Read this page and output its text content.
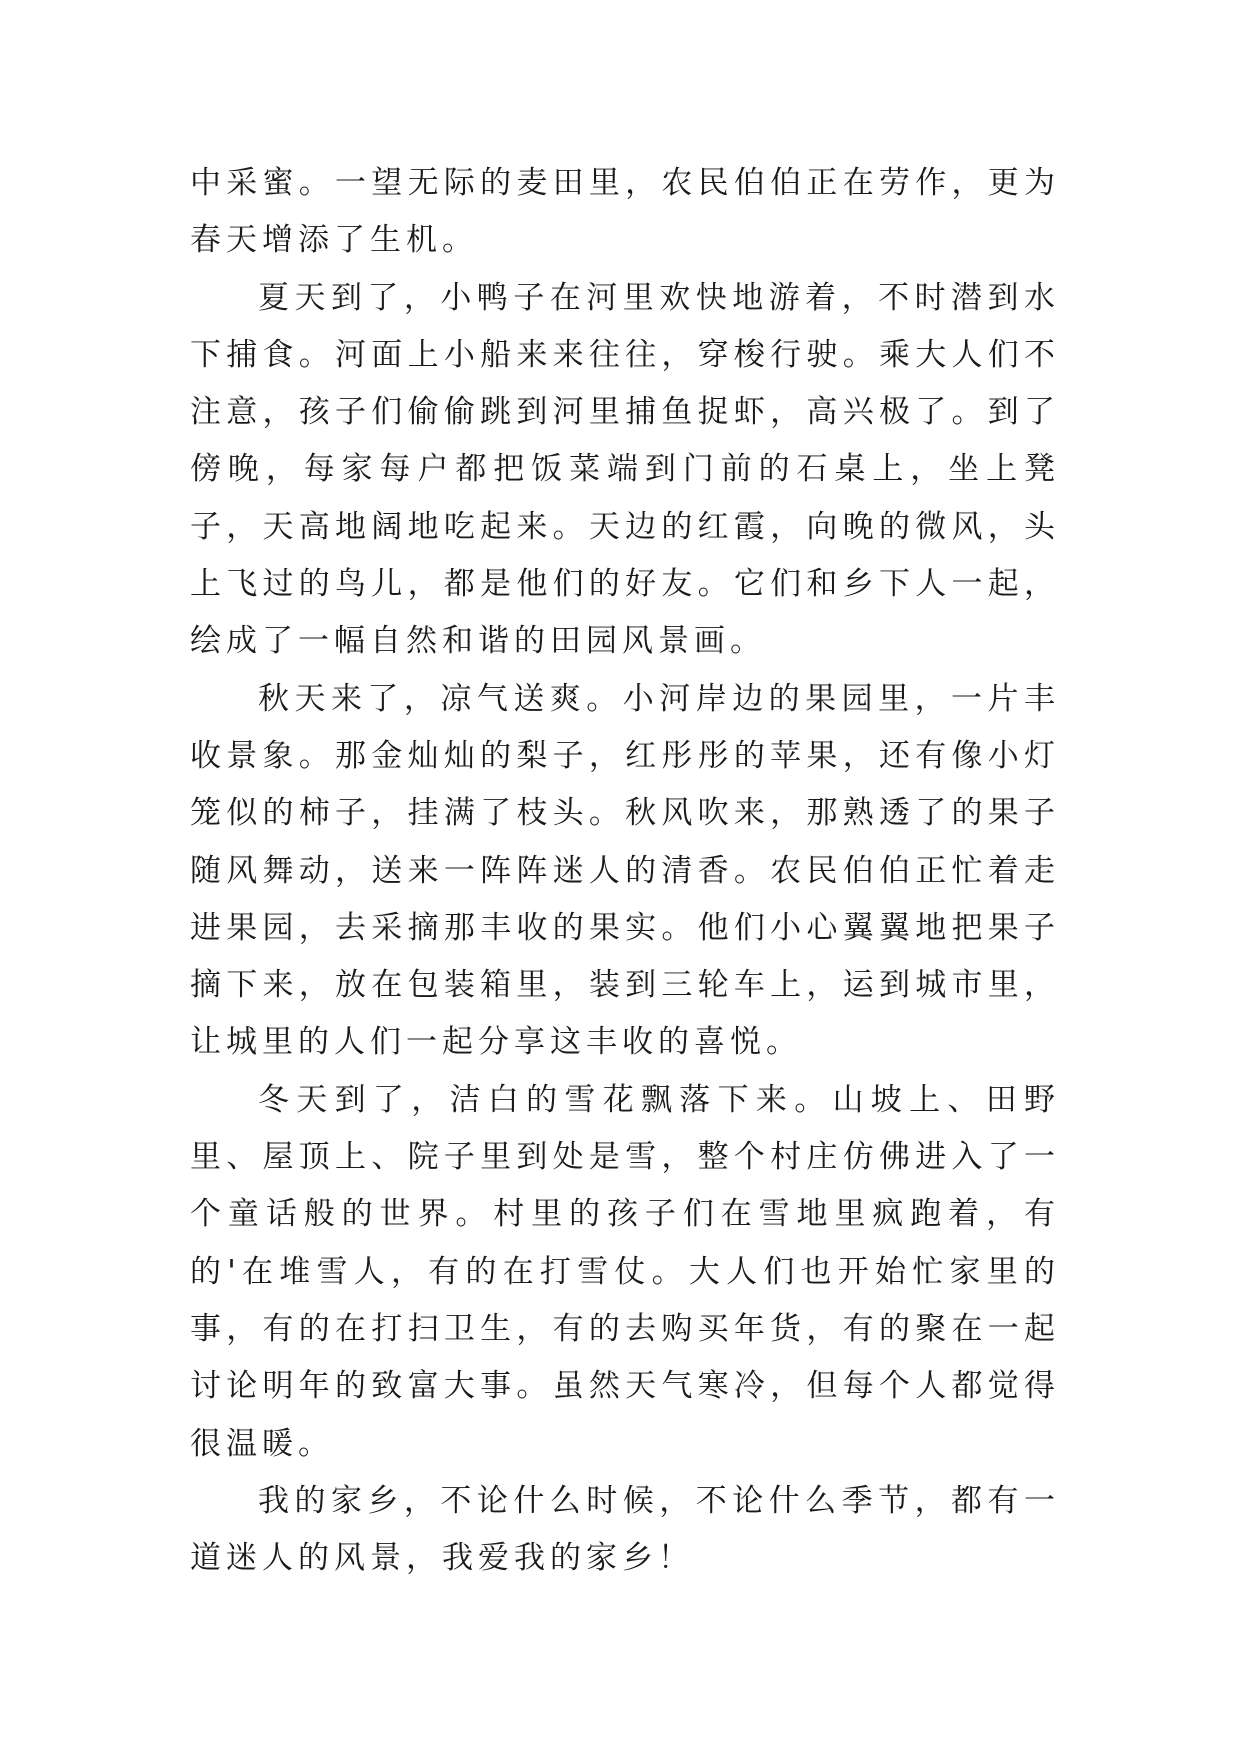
中采蜜。一望无际的麦田里，农民伯伯正在劳作，更为春天增添了生机。

夏天到了，小鸭子在河里欢快地游着，不时潜到水下捕食。河面上小船来来往往，穿梭行驶。乘大人们不注意，孩子们偷偷跳到河里捕鱼捉虾，高兴极了。到了傍晚，每家每户都把饭菜端到门前的石桌上，坐上凳子，天高地阔地吃起来。天边的红霞，向晚的微风，头上飞过的鸟儿，都是他们的好友。它们和乡下人一起，绘成了一幅自然和谐的田园风景画。

秋天来了，凉气送爽。小河岸边的果园里，一片丰收景象。那金灿灿的梨子，红彤彤的苹果，还有像小灯笼似的柿子，挂满了枝头。秋风吹来，那熟透了的果子随风舞动，送来一阵阵迷人的清香。农民伯伯正忙着走进果园，去采摘那丰收的果实。他们小心翼翼地把果子摘下来，放在包装箱里，装到三轮车上，运到城市里，让城里的人们一起分享这丰收的喜悦。

冬天到了，洁白的雪花飘落下来。山坡上、田野里、屋顶上、院子里到处是雪，整个村庄仿佛进入了一个童话般的世界。村里的孩子们在雪地里疯跑着，有的'在堆雪人，有的在打雪仗。大人们也开始忙家里的事，有的在打扫卫生，有的去购买年货，有的聚在一起讨论明年的致富大事。虽然天气寒冷，但每个人都觉得很温暖。

我的家乡，不论什么时候，不论什么季节，都有一道迷人的风景，我爱我的家乡！
